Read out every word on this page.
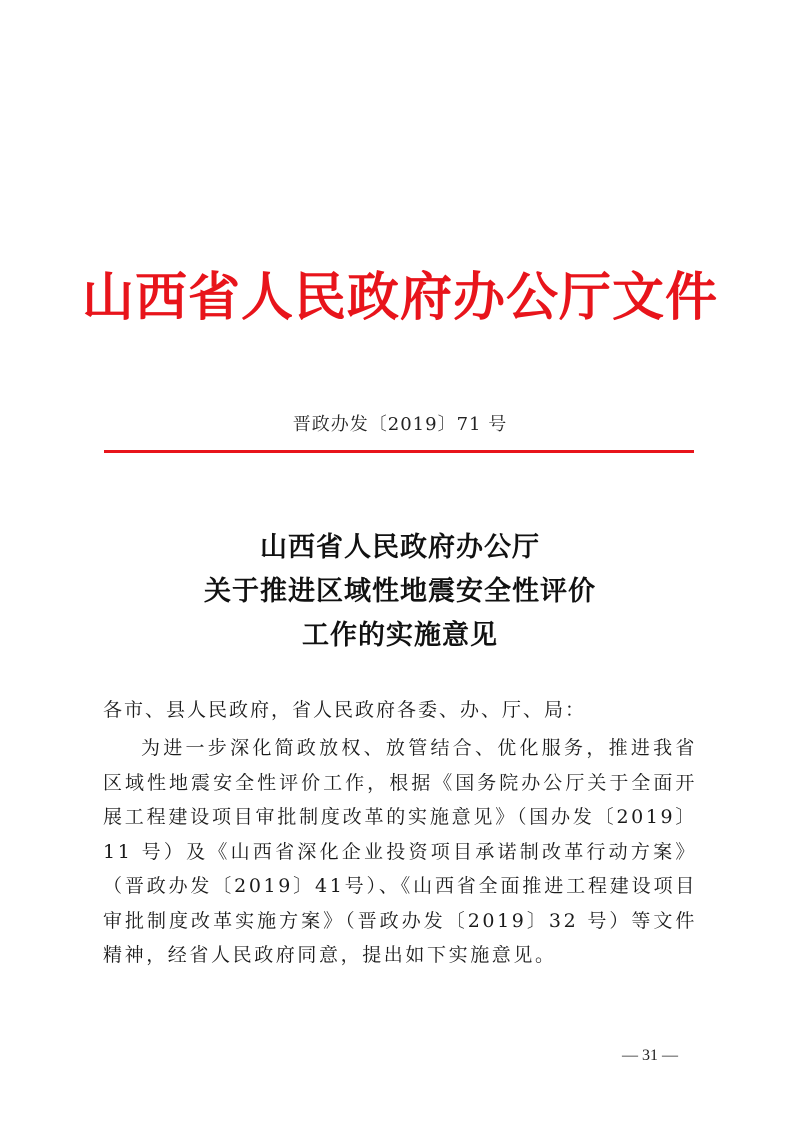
山西省人民政府办公厅文件
晋政办发〔2019〕71 号
山西省人民政府办公厅
关于推进区域性地震安全性评价
工作的实施意见
各市、县人民政府，省人民政府各委、办、厅、局：

为进一步深化简政放权、放管结合、优化服务，推进我省区域性地震安全性评价工作，根据《国务院办公厅关于全面开展工程建设项目审批制度改革的实施意见》（国办发〔2019〕11 号）及《山西省深化企业投资项目承诺制改革行动方案》（晋政办发〔2019〕41号）、《山西省全面推进工程建设项目审批制度改革实施方案》（晋政办发〔2019〕32 号）等文件精神，经省人民政府同意，提出如下实施意见。

— 31 —
